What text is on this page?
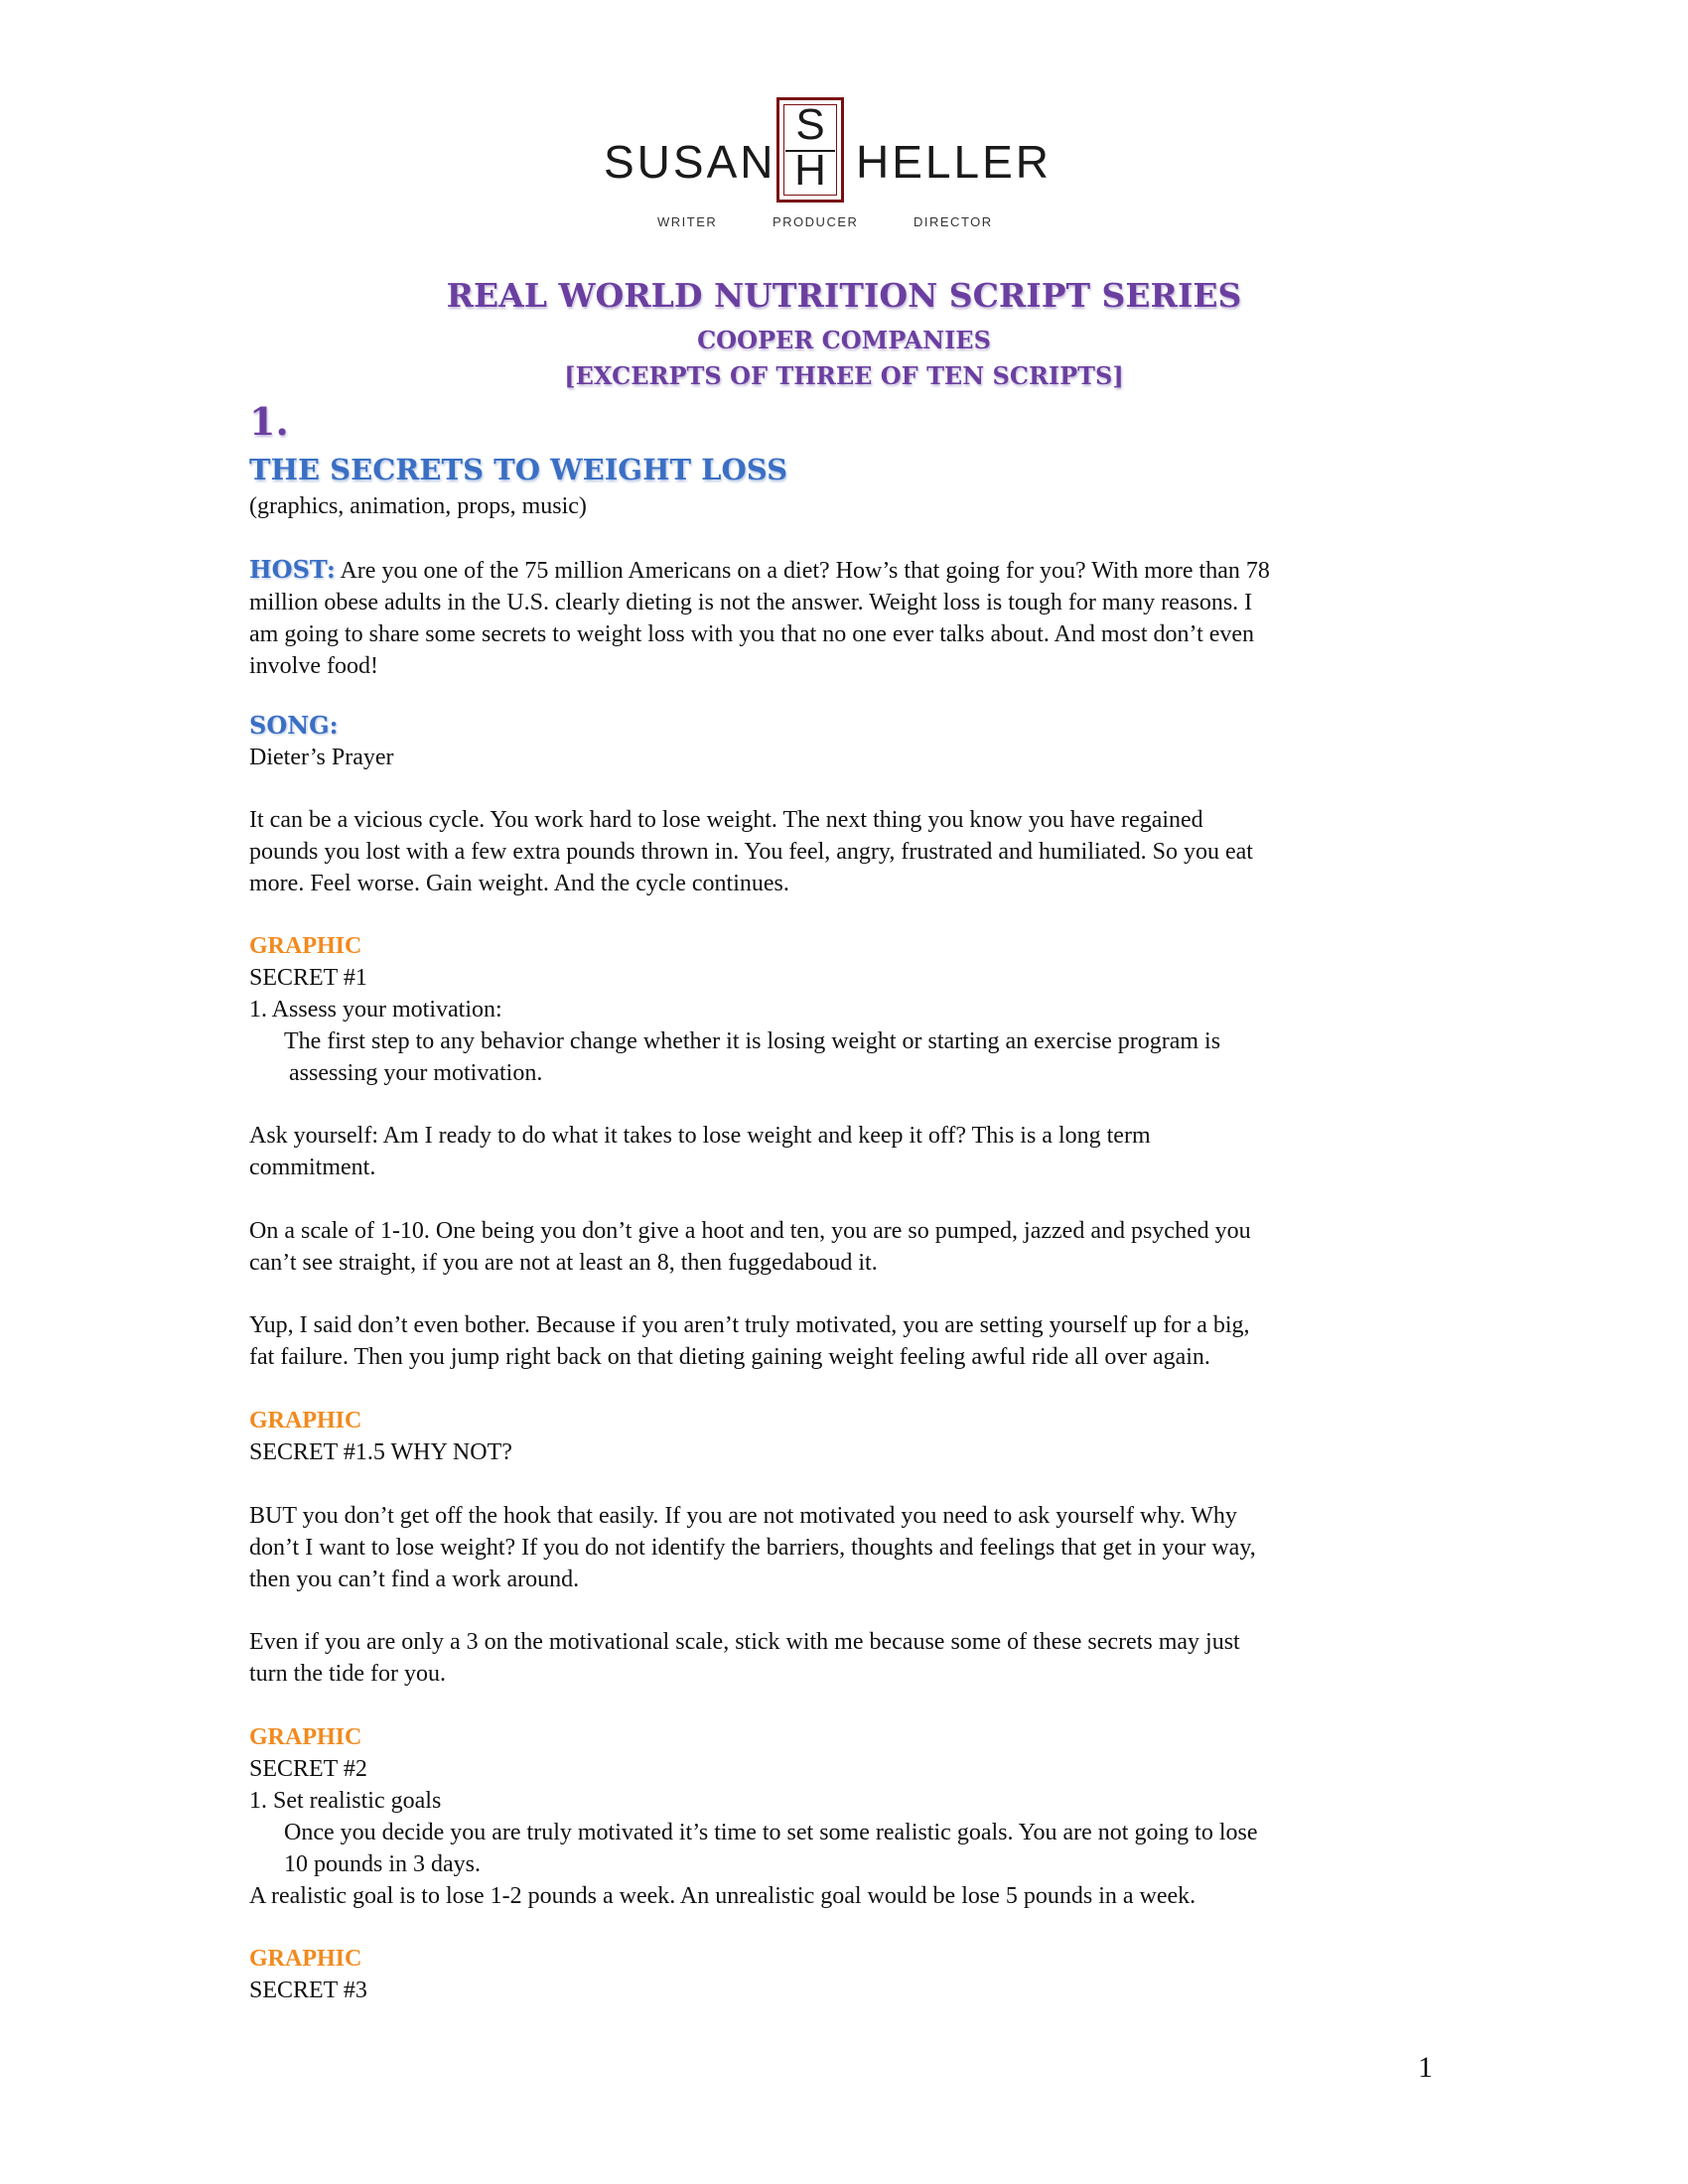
SUSAN
S
H HELLER
WRITER	PRODUCER	DIRECTOR
REAL WORLD NUTRITION SCRIPT SERIES
COOPER COMPANIES
[EXCERPTS OF THREE OF TEN SCRIPTS]
1.
THE SECRETS TO WEIGHT LOSS
(graphics, animation, props, music)
HOST: Are you one of the 75 million Americans on a diet? How’s that going for you? With more than 78
million obese adults in the U.S. clearly dieting is not the answer. Weight loss is tough for many reasons. I
am going to share some secrets to weight loss with you that no one ever talks about. And most don’t even
involve food!
SONG:
Dieter’s Prayer
It can be a vicious cycle. You work hard to lose weight. The next thing you know you have regained
pounds you lost with a few extra pounds thrown in. You feel, angry, frustrated and humiliated. So you eat
more. Feel worse. Gain weight. And the cycle continues.
GRAPHIC
SECRET #1
1. Assess your motivation:
The first step to any behavior change whether it is losing weight or starting an exercise program is
assessing your motivation.
Ask yourself: Am I ready to do what it takes to lose weight and keep it off? This is a long term
commitment.
On a scale of 1-10. One being you don’t give a hoot and ten, you are so pumped, jazzed and psyched you
can’t see straight, if you are not at least an 8, then fuggedaboud it.
Yup, I said don’t even bother. Because if you aren’t truly motivated, you are setting yourself up for a big,
fat failure. Then you jump right back on that dieting gaining weight feeling awful ride all over again.
GRAPHIC
SECRET #1.5 WHY NOT?
BUT you don’t get off the hook that easily. If you are not motivated you need to ask yourself why. Why
don’t I want to lose weight? If you do not identify the barriers, thoughts and feelings that get in your way,
then you can’t find a work around.
Even if you are only a 3 on the motivational scale, stick with me because some of these secrets may just
turn the tide for you.
GRAPHIC
SECRET #2
1. Set realistic goals
Once you decide you are truly motivated it’s time to set some realistic goals. You are not going to lose
10 pounds in 3 days.
A realistic goal is to lose 1-2 pounds a week. An unrealistic goal would be lose 5 pounds in a week.
GRAPHIC
SECRET #3
1
